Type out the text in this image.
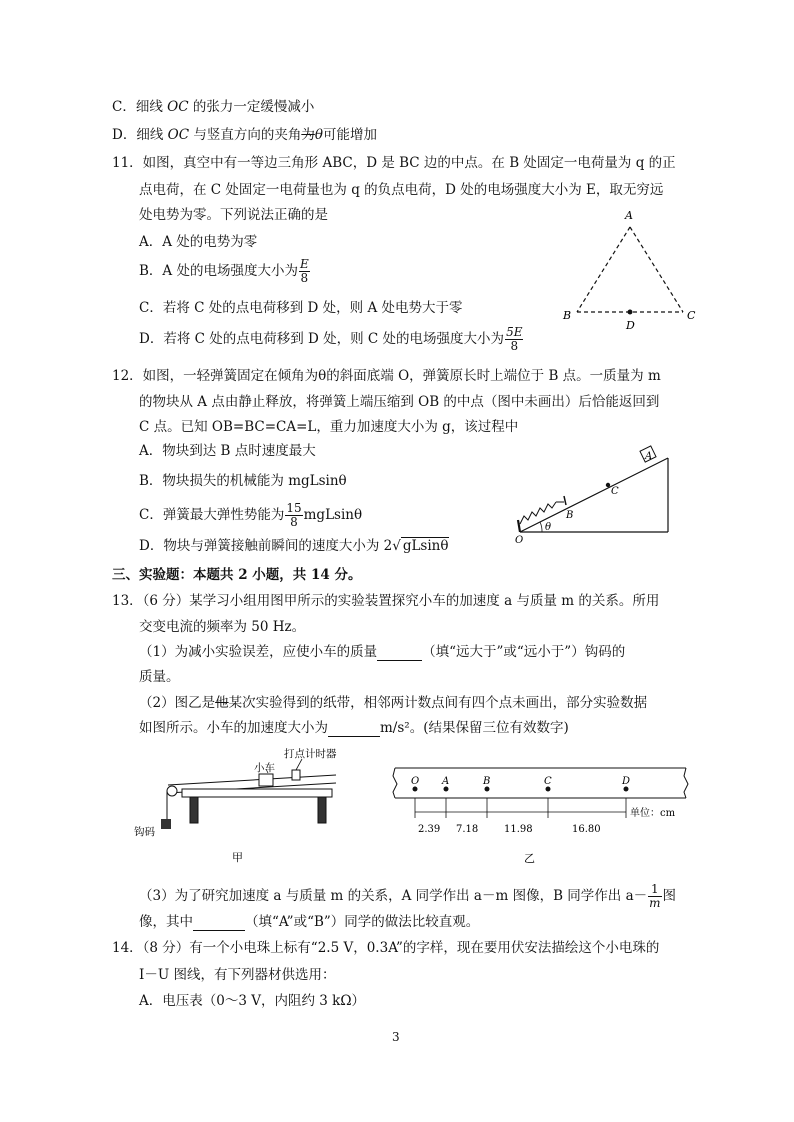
C．细线 OC 的张力一定缓慢减小
D．细线 OC 与竖直方向的夹角为θ可能增加
11．如图，真空中有一等边三角形 ABC，D 是 BC 边的中点。在 B 处固定一电荷量为 q 的正
点电荷，在 C 处固定一电荷量也为 q 的负点电荷，D 处的电场强度大小为 E，取无穷远
处电势为零。下列说法正确的是
A．A 处的电势为零
B．A 处的电场强度大小为 $\frac{E}{8}$
C．若将 C 处的点电荷移到 D 处，则 A 处电势大于零
D．若将 C 处的点电荷移到 D 处，则 C 处的电场强度大小为 $\frac{5E}{8}$
A
B	C
D
12．如图，一轻弹簧固定在倾角为θ的斜面底端 O，弹簧原长时上端位于 B 点。一质量为 m
的物块从 A 点由静止释放，将弹簧上端压缩到 OB 的中点（图中未画出）后恰能返回到
C 点。已知 OB=BC=CA=L，重力加速度大小为 g，该过程中
A．物块到达 B 点时速度最大
B．物块损失的机械能为 mgLsinθ
C．弹簧最大弹性势能为 $\frac{15}{8}$ mgLsinθ
D．物块与弹簧接触前瞬间的速度大小为 2√ gLsinθ
A
B
C
O
θ
三、实验题：本题共 2 小题，共 14 分。
13．（6 分）某学习小组用图甲所示的实验装置探究小车的加速度 a 与质量 m 的关系。所用
交变电流的频率为 50 Hz。
（1）为减小实验误差，应使小车的质量	（填“远大于”或“远小于”）钩码的
质量。
（2）图乙是他某次实验得到的纸带，相邻两计数点间有四个点未画出，部分实验数据
如图所示。小车的加速度大小为	m/s²。(结果保留三位有效数字)
小车
打点计时器
钩码
甲
O A	B	C	D
2.39 7.18	11.98	16.80
单位：cm
乙
（3）为了研究加速度 a 与质量 m 的关系，A 同学作出 a－m 图像，B 同学作出 $a- \frac{1}{m}$ 图
像，其中	（填“A”或“B”）同学的做法比较直观。
14．（8 分）有一个小电珠上标有“2.5 V，0.3A”的字样，现在要用伏安法描绘这个小电珠的
I－U 图线，有下列器材供选用：
A．电压表（0～3 V，内阻约 3 kΩ）
3
